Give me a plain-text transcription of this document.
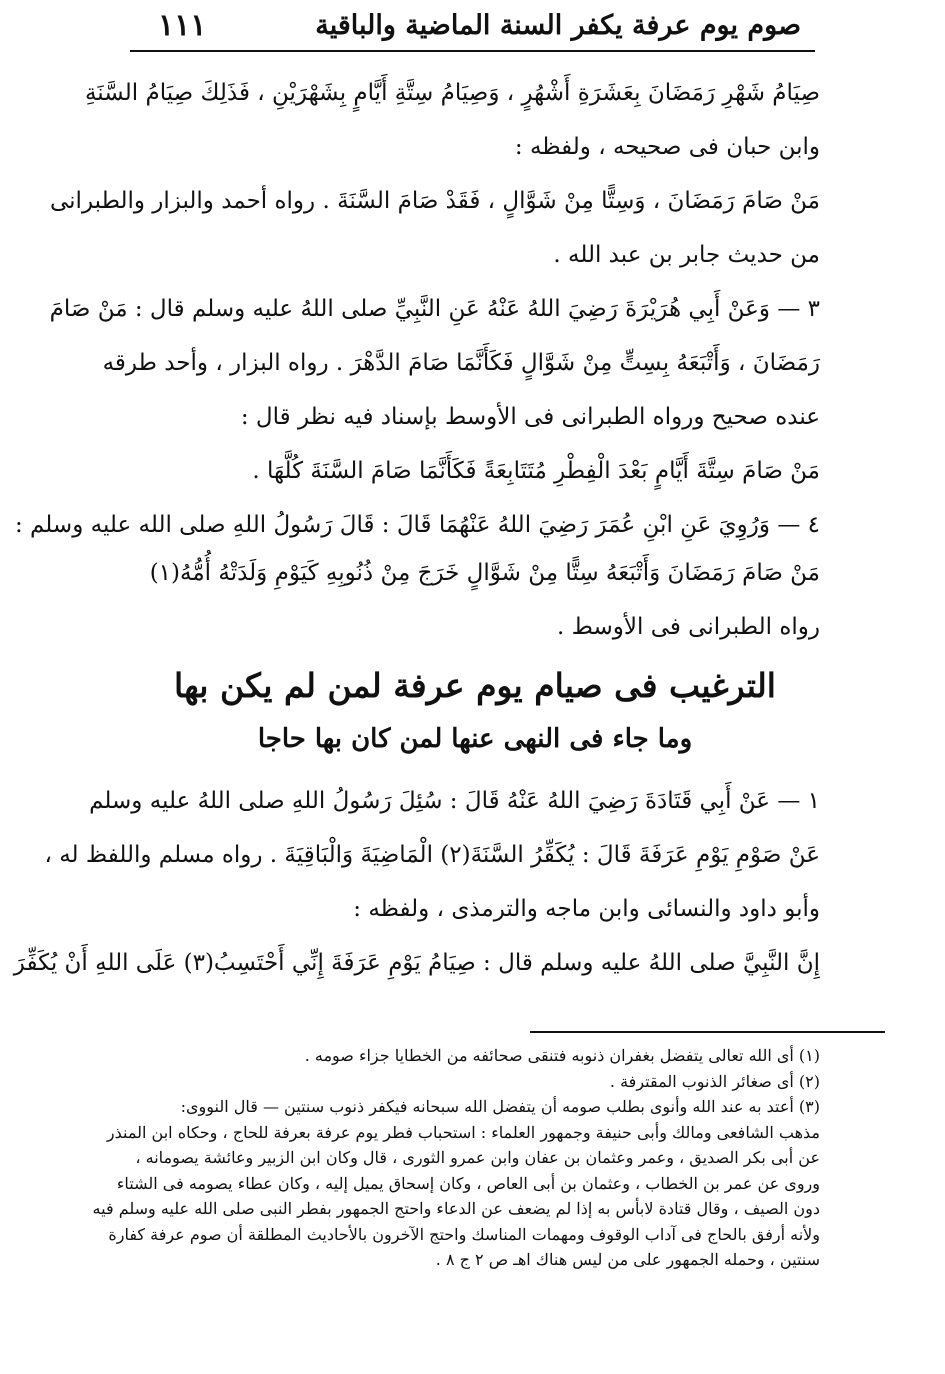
١١١	صوم يوم عرفة يكفر السنة الماضية والباقية
صِيَامُ شَهْرِ رَمَضَانَ بِعَشَرَةِ أَشْهُرٍ ، وَصِيَامُ سِتَّةِ أَيَّامٍ بِشَهْرَيْنِ ، فَذَلِكَ صِيَامُ السَّنَةِ
وابن حبان فى صحيحه ، ولفظه :
مَنْ صَامَ رَمَضَانَ ، وَسِتًّا مِنْ شَوَّالٍ ، فَقَدْ صَامَ السَّنَةَ . رواه أحمد والبزار والطبرانى
من حديث جابر بن عبد الله .
٣ — وَعَنْ أَبِي هُرَيْرَةَ رَضِيَ اللهُ عَنْهُ عَنِ النَّبِيِّ صلى اللهُ عليه وسلم قال : مَنْ صَامَ
رَمَضَانَ ، وَأَتْبَعَهُ بِسِتٍّ مِنْ شَوَّالٍ فَكَأَنَّمَا صَامَ الدَّهْرَ . رواه البزار ، وأحد طرقه
عنده صحيح ورواه الطبرانى فى الأوسط بإسناد فيه نظر قال :
مَنْ صَامَ سِتَّةَ أَيَّامٍ بَعْدَ الْفِطْرِ مُتَتَابِعَةً فَكَأَنَّمَا صَامَ السَّنَةَ كُلَّهَا .
٤ — وَرُوِيَ عَنِ ابْنِ عُمَرَ رَضِيَ اللهُ عَنْهُمَا قَالَ : قَالَ رَسُولُ اللهِ صلى الله عليه وسلم :
مَنْ صَامَ رَمَضَانَ وَأَتْبَعَهُ سِتًّا مِنْ شَوَّالٍ خَرَجَ مِنْ ذُنُوبِهِ كَيَوْمِ وَلَدَتْهُ أُمُّهُ(١)
رواه الطبرانى فى الأوسط .
الترغيب فى صيام يوم عرفة لمن لم يكن بها
وما جاء فى النهى عنها لمن كان بها حاجا
١ — عَنْ أَبِي قَتَادَةَ رَضِيَ اللهُ عَنْهُ قَالَ : سُئِلَ رَسُولُ اللهِ صلى اللهُ عليه وسلم
عَنْ صَوْمِ يَوْمِ عَرَفَةَ قَالَ : يُكَفِّرُ السَّنَةَ(٢) الْمَاضِيَةَ وَالْبَاقِيَةَ . رواه مسلم واللفظ له ،
وأبو داود والنسائى وابن ماجه والترمذى ، ولفظه :
إِنَّ النَّبِيَّ صلى اللهُ عليه وسلم قال : صِيَامُ يَوْمِ عَرَفَةَ إِنِّي أَحْتَسِبُ(٣) عَلَى اللهِ أَنْ يُكَفِّرَ
(١) أى الله تعالى يتفضل بغفران ذنوبه فتنقى صحائفه من الخطايا جزاء صومه .
(٢) أى صغائر الذنوب المقترفة .
(٣) أعتد به عند الله وأنوى بطلب صومه أن يتفضل الله سبحانه فيكفر ذنوب سنتين — قال النووى:
مذهب الشافعى ومالك وأبى حنيفة وجمهور العلماء : استحباب فطر يوم عرفة بعرفة للحاج ، وحكاه ابن المنذر
عن أبى بكر الصديق ، وعمر وعثمان بن عفان وابن عمرو الثورى ، قال وكان ابن الزبير وعائشة يصومانه ،
وروى عن عمر بن الخطاب ، وعثمان بن أبى العاص ، وكان إسحاق يميل إليه ، وكان عطاء يصومه فى الشتاء
دون الصيف ، وقال قتادة لابأس به إذا لم يضعف عن الدعاء واحتج الجمهور بفطر النبى صلى الله عليه وسلم فيه
ولأنه أرفق بالحاج فى آداب الوقوف ومهمات المناسك واحتج الآخرون بالأحاديث المطلقة أن صوم عرفة كفارة
سنتين ، وحمله الجمهور على من ليس هناك اهـ ص ٢ ج ٨ .
